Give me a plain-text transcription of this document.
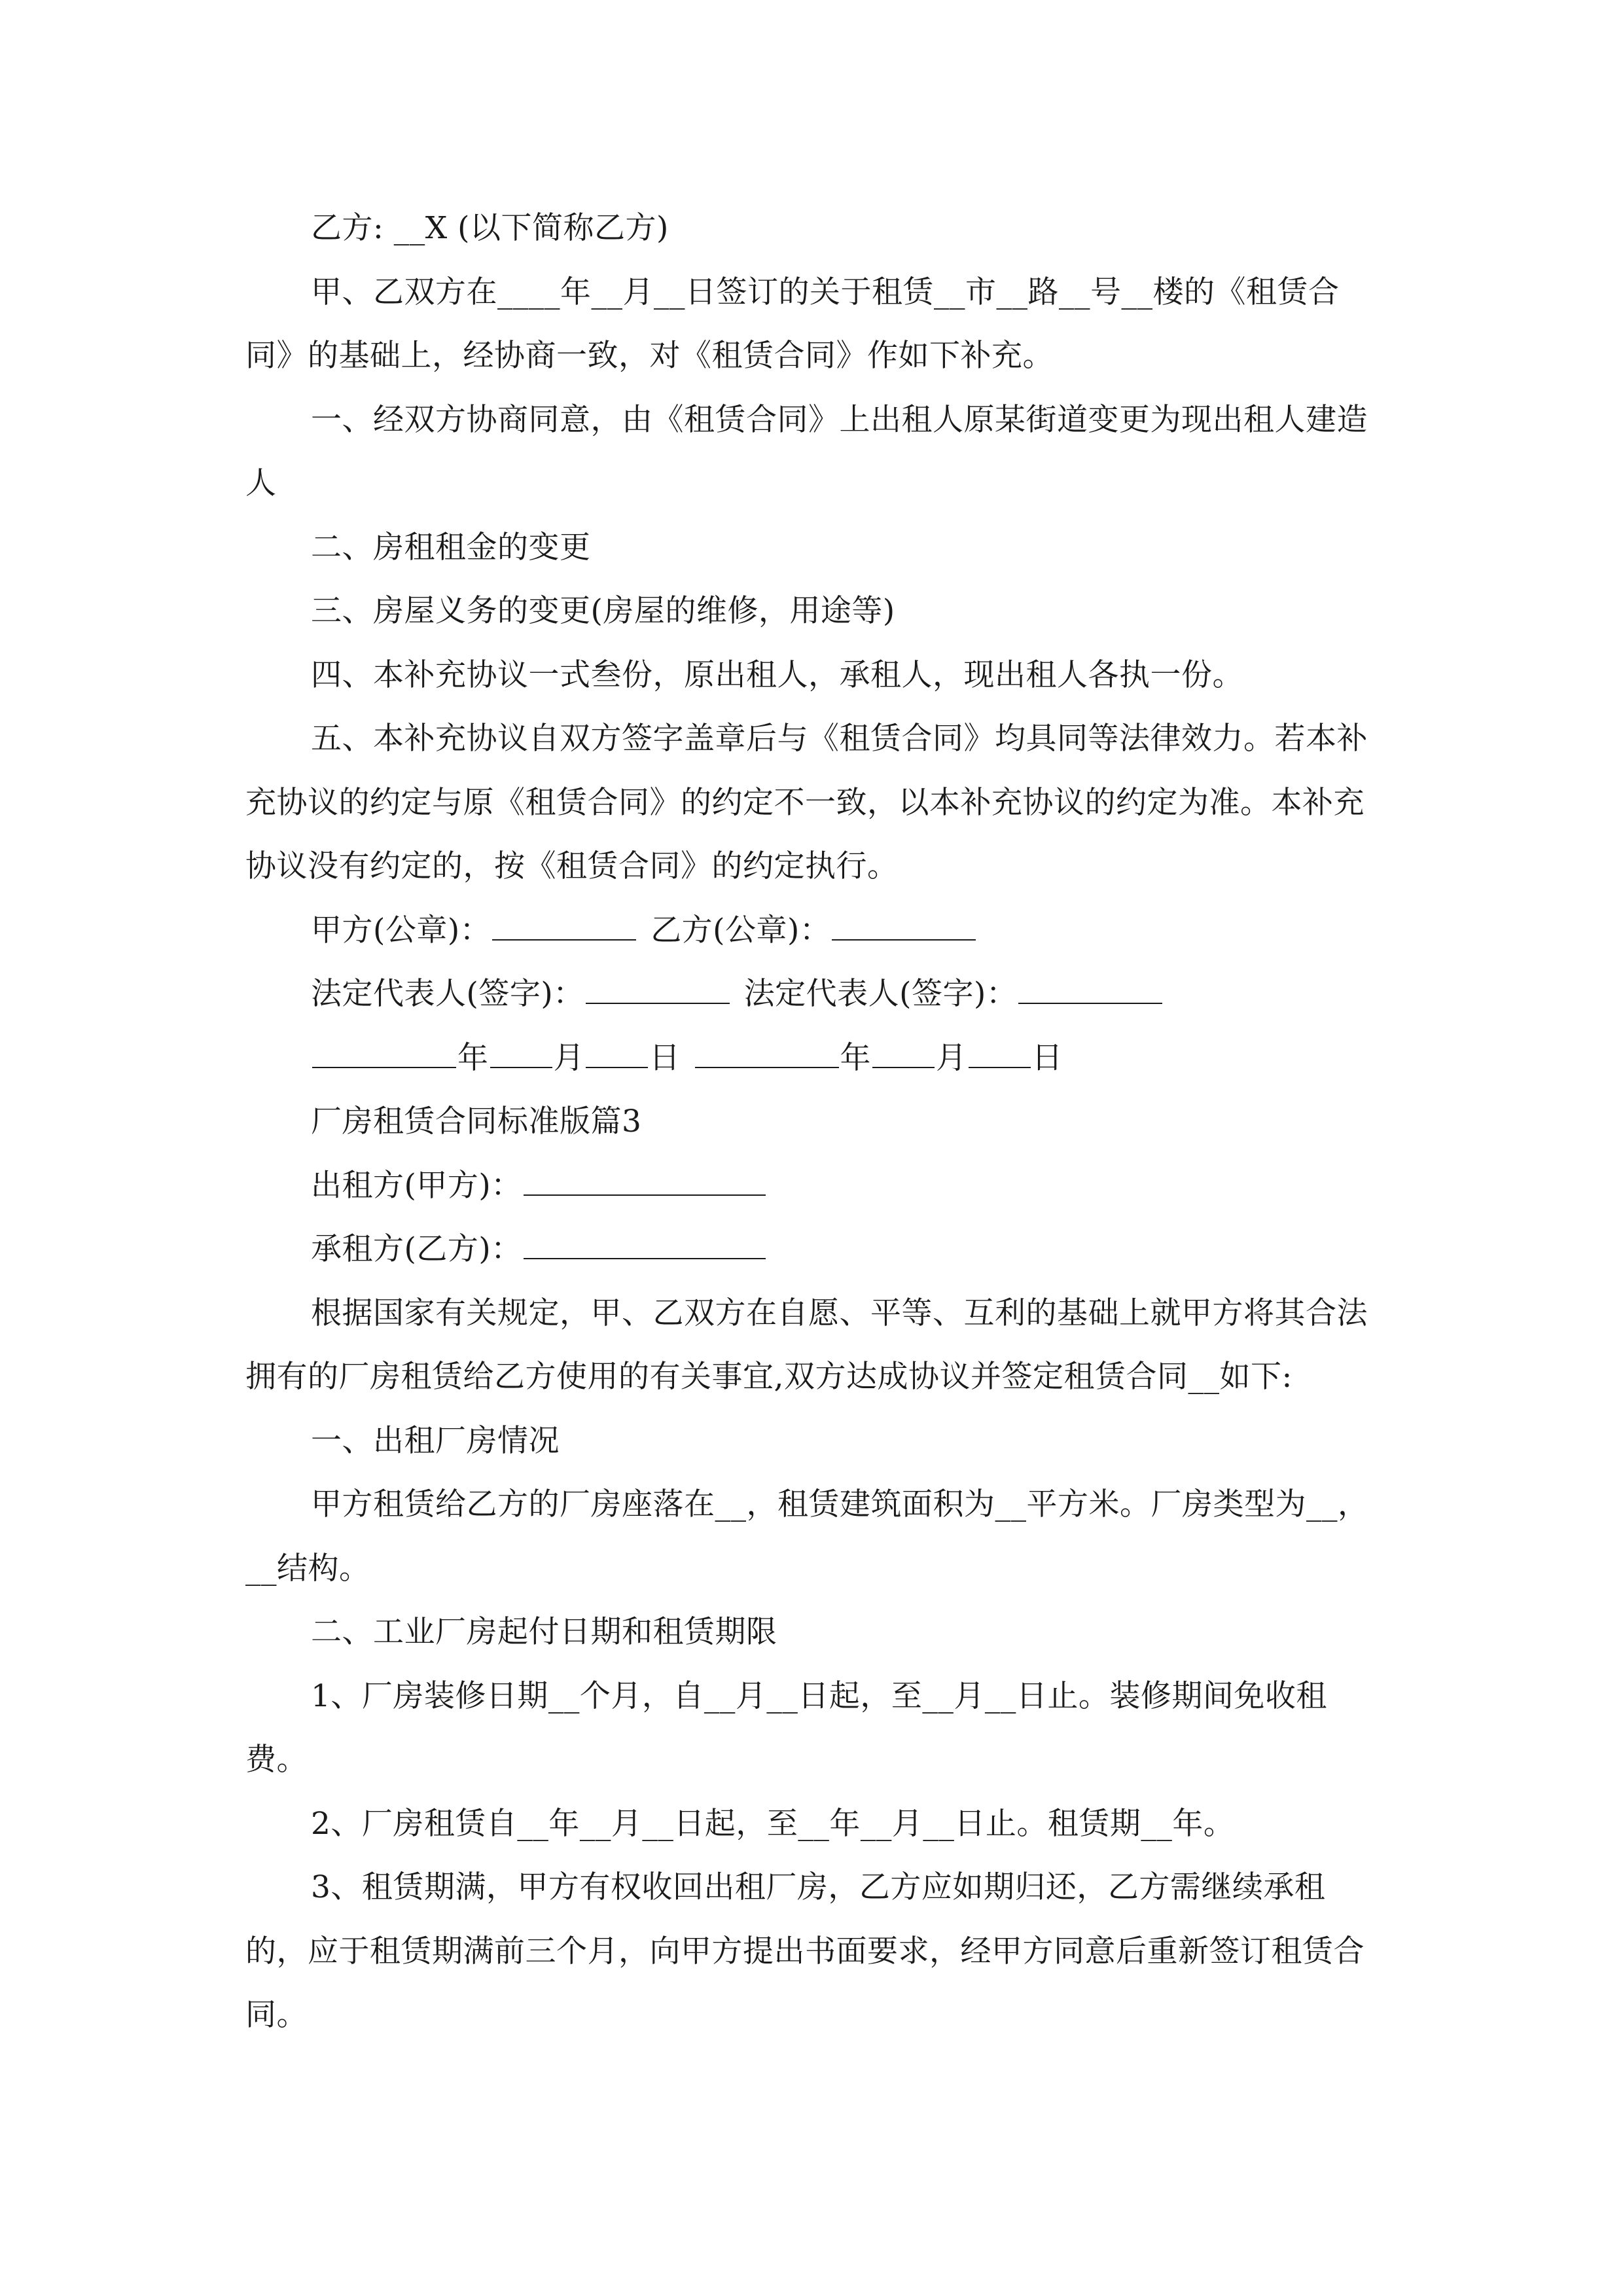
乙方: __X (以下简称乙方)

甲、乙双方在____年__月__日签订的关于租赁__市__路__号__楼的《租赁合同》的基础上，经协商一致，对《租赁合同》作如下补充。

一、经双方协商同意，由《租赁合同》上出租人原某街道变更为现出租人建造人

二、房租租金的变更

三、房屋义务的变更(房屋的维修，用途等)

四、本补充协议一式叁份，原出租人，承租人，现出租人各执一份。

五、本补充协议自双方签字盖章后与《租赁合同》均具同等法律效力。若本补充协议的约定与原《租赁合同》的约定不一致，以本补充协议的约定为准。本补充协议没有约定的，按《租赁合同》的约定执行。

甲方(公章)：	乙方(公章)：
法定代表人(签字)：	法定代表人(签字)：
年 月 日	年 月 日

厂房租赁合同标准版篇3

出租方(甲方)：
承租方(乙方)：

根据国家有关规定，甲、乙双方在自愿、平等、互利的基础上就甲方将其合法拥有的厂房租赁给乙方使用的有关事宜,双方达成协议并签定租赁合同__如下:

一、出租厂房情况

甲方租赁给乙方的厂房座落在__，租赁建筑面积为__平方米。厂房类型为__，__结构。

二、工业厂房起付日期和租赁期限

1、厂房装修日期__个月，自__月__日起，至__月__日止。装修期间免收租费。

2、厂房租赁自__年__月__日起，至__年__月__日止。租赁期__年。

3、租赁期满，甲方有权收回出租厂房，乙方应如期归还，乙方需继续承租的，应于租赁期满前三个月，向甲方提出书面要求，经甲方同意后重新签订租赁合同。
